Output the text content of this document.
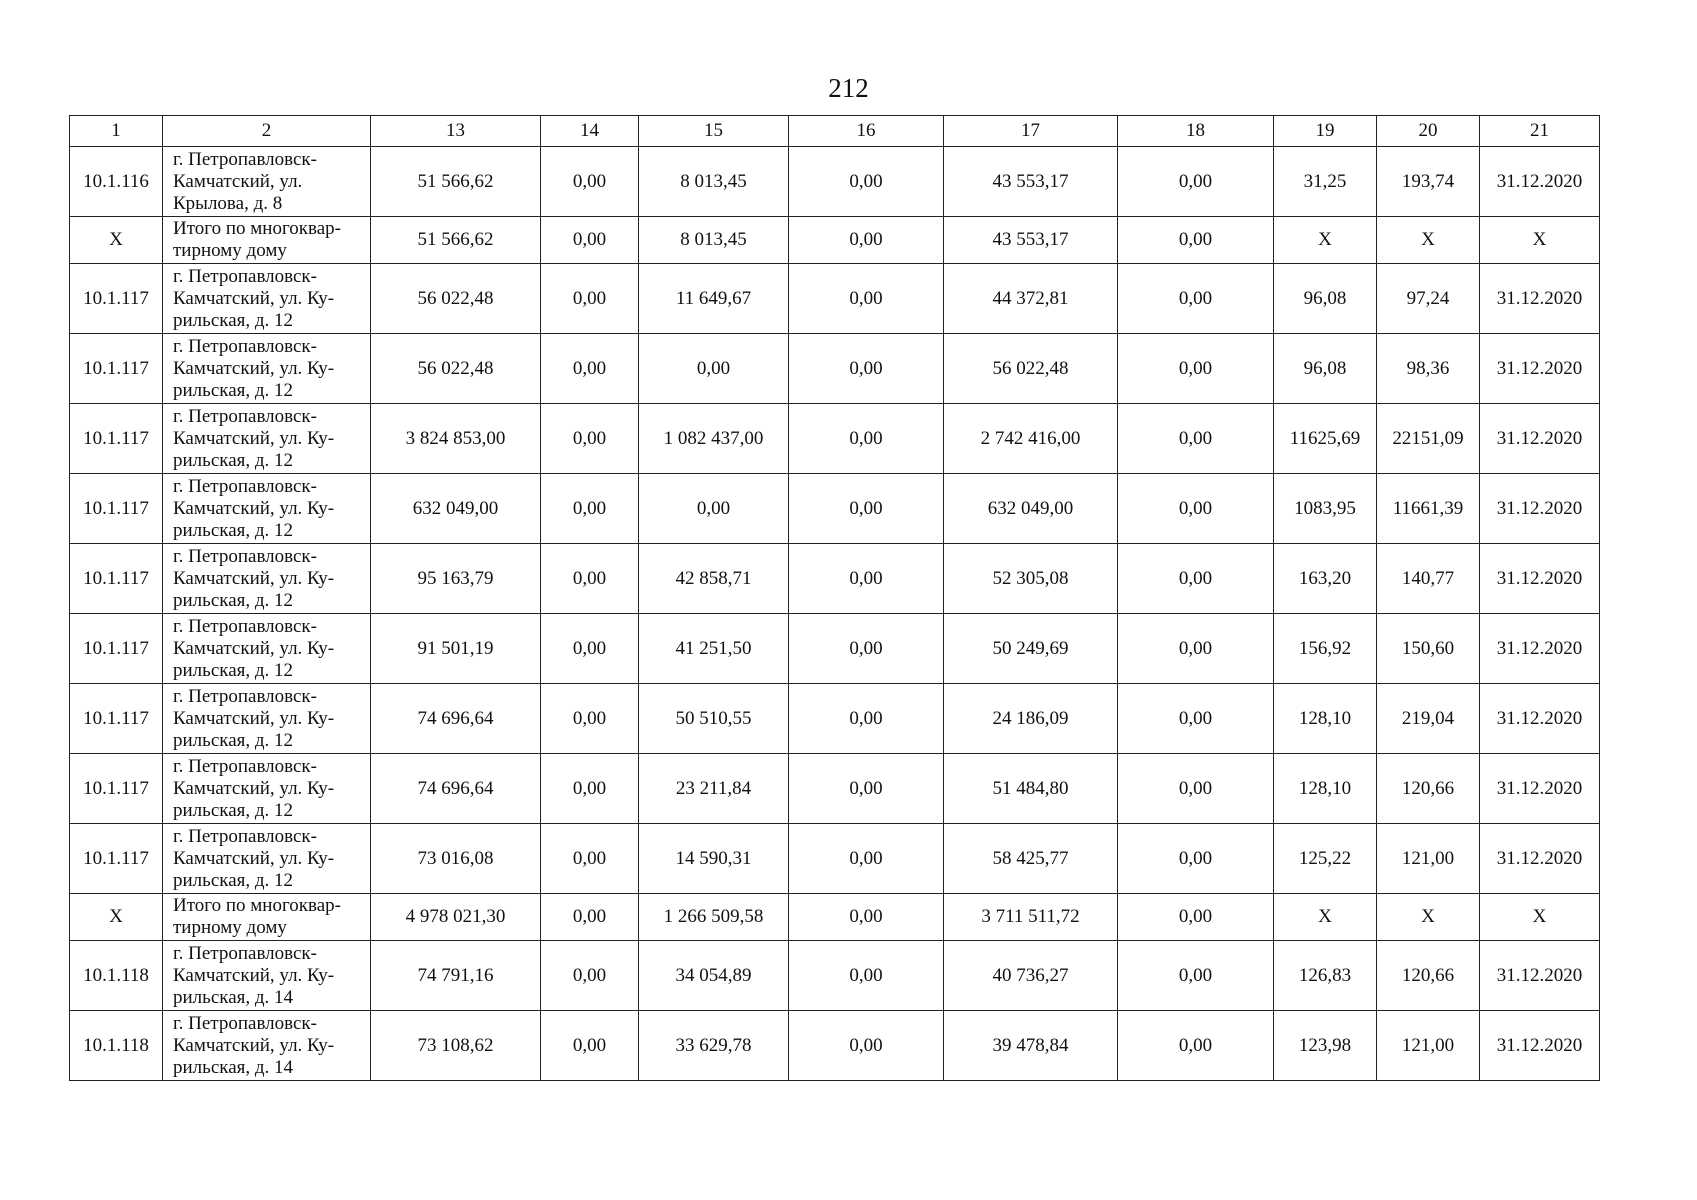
212
1	2	13	14	15	16	17	18	19	20	21
10.1.116	г. Петропавловск-
Камчатский, ул.
Крылова, д. 8	51 566,62	0,00	8 013,45	0,00	43 553,17	0,00	31,25	193,74	31.12.2020
Х	Итого по многоквар-
тирному дому	51 566,62	0,00	8 013,45	0,00	43 553,17	0,00	Х	Х	Х
10.1.117	г. Петропавловск-
Камчатский, ул. Ку-
рильская, д. 12	56 022,48	0,00	11 649,67	0,00	44 372,81	0,00	96,08	97,24	31.12.2020
10.1.117	г. Петропавловск-
Камчатский, ул. Ку-
рильская, д. 12	56 022,48	0,00	0,00	0,00	56 022,48	0,00	96,08	98,36	31.12.2020
10.1.117	г. Петропавловск-
Камчатский, ул. Ку-
рильская, д. 12	3 824 853,00	0,00	1 082 437,00	0,00	2 742 416,00	0,00	11625,69	22151,09	31.12.2020
10.1.117	г. Петропавловск-
Камчатский, ул. Ку-
рильская, д. 12	632 049,00	0,00	0,00	0,00	632 049,00	0,00	1083,95	11661,39	31.12.2020
10.1.117	г. Петропавловск-
Камчатский, ул. Ку-
рильская, д. 12	95 163,79	0,00	42 858,71	0,00	52 305,08	0,00	163,20	140,77	31.12.2020
10.1.117	г. Петропавловск-
Камчатский, ул. Ку-
рильская, д. 12	91 501,19	0,00	41 251,50	0,00	50 249,69	0,00	156,92	150,60	31.12.2020
10.1.117	г. Петропавловск-
Камчатский, ул. Ку-
рильская, д. 12	74 696,64	0,00	50 510,55	0,00	24 186,09	0,00	128,10	219,04	31.12.2020
10.1.117	г. Петропавловск-
Камчатский, ул. Ку-
рильская, д. 12	74 696,64	0,00	23 211,84	0,00	51 484,80	0,00	128,10	120,66	31.12.2020
10.1.117	г. Петропавловск-
Камчатский, ул. Ку-
рильская, д. 12	73 016,08	0,00	14 590,31	0,00	58 425,77	0,00	125,22	121,00	31.12.2020
Х	Итого по многоквар-
тирному дому	4 978 021,30	0,00	1 266 509,58	0,00	3 711 511,72	0,00	Х	Х	Х
10.1.118	г. Петропавловск-
Камчатский, ул. Ку-
рильская, д. 14	74 791,16	0,00	34 054,89	0,00	40 736,27	0,00	126,83	120,66	31.12.2020
10.1.118	г. Петропавловск-
Камчатский, ул. Ку-
рильская, д. 14	73 108,62	0,00	33 629,78	0,00	39 478,84	0,00	123,98	121,00	31.12.2020
